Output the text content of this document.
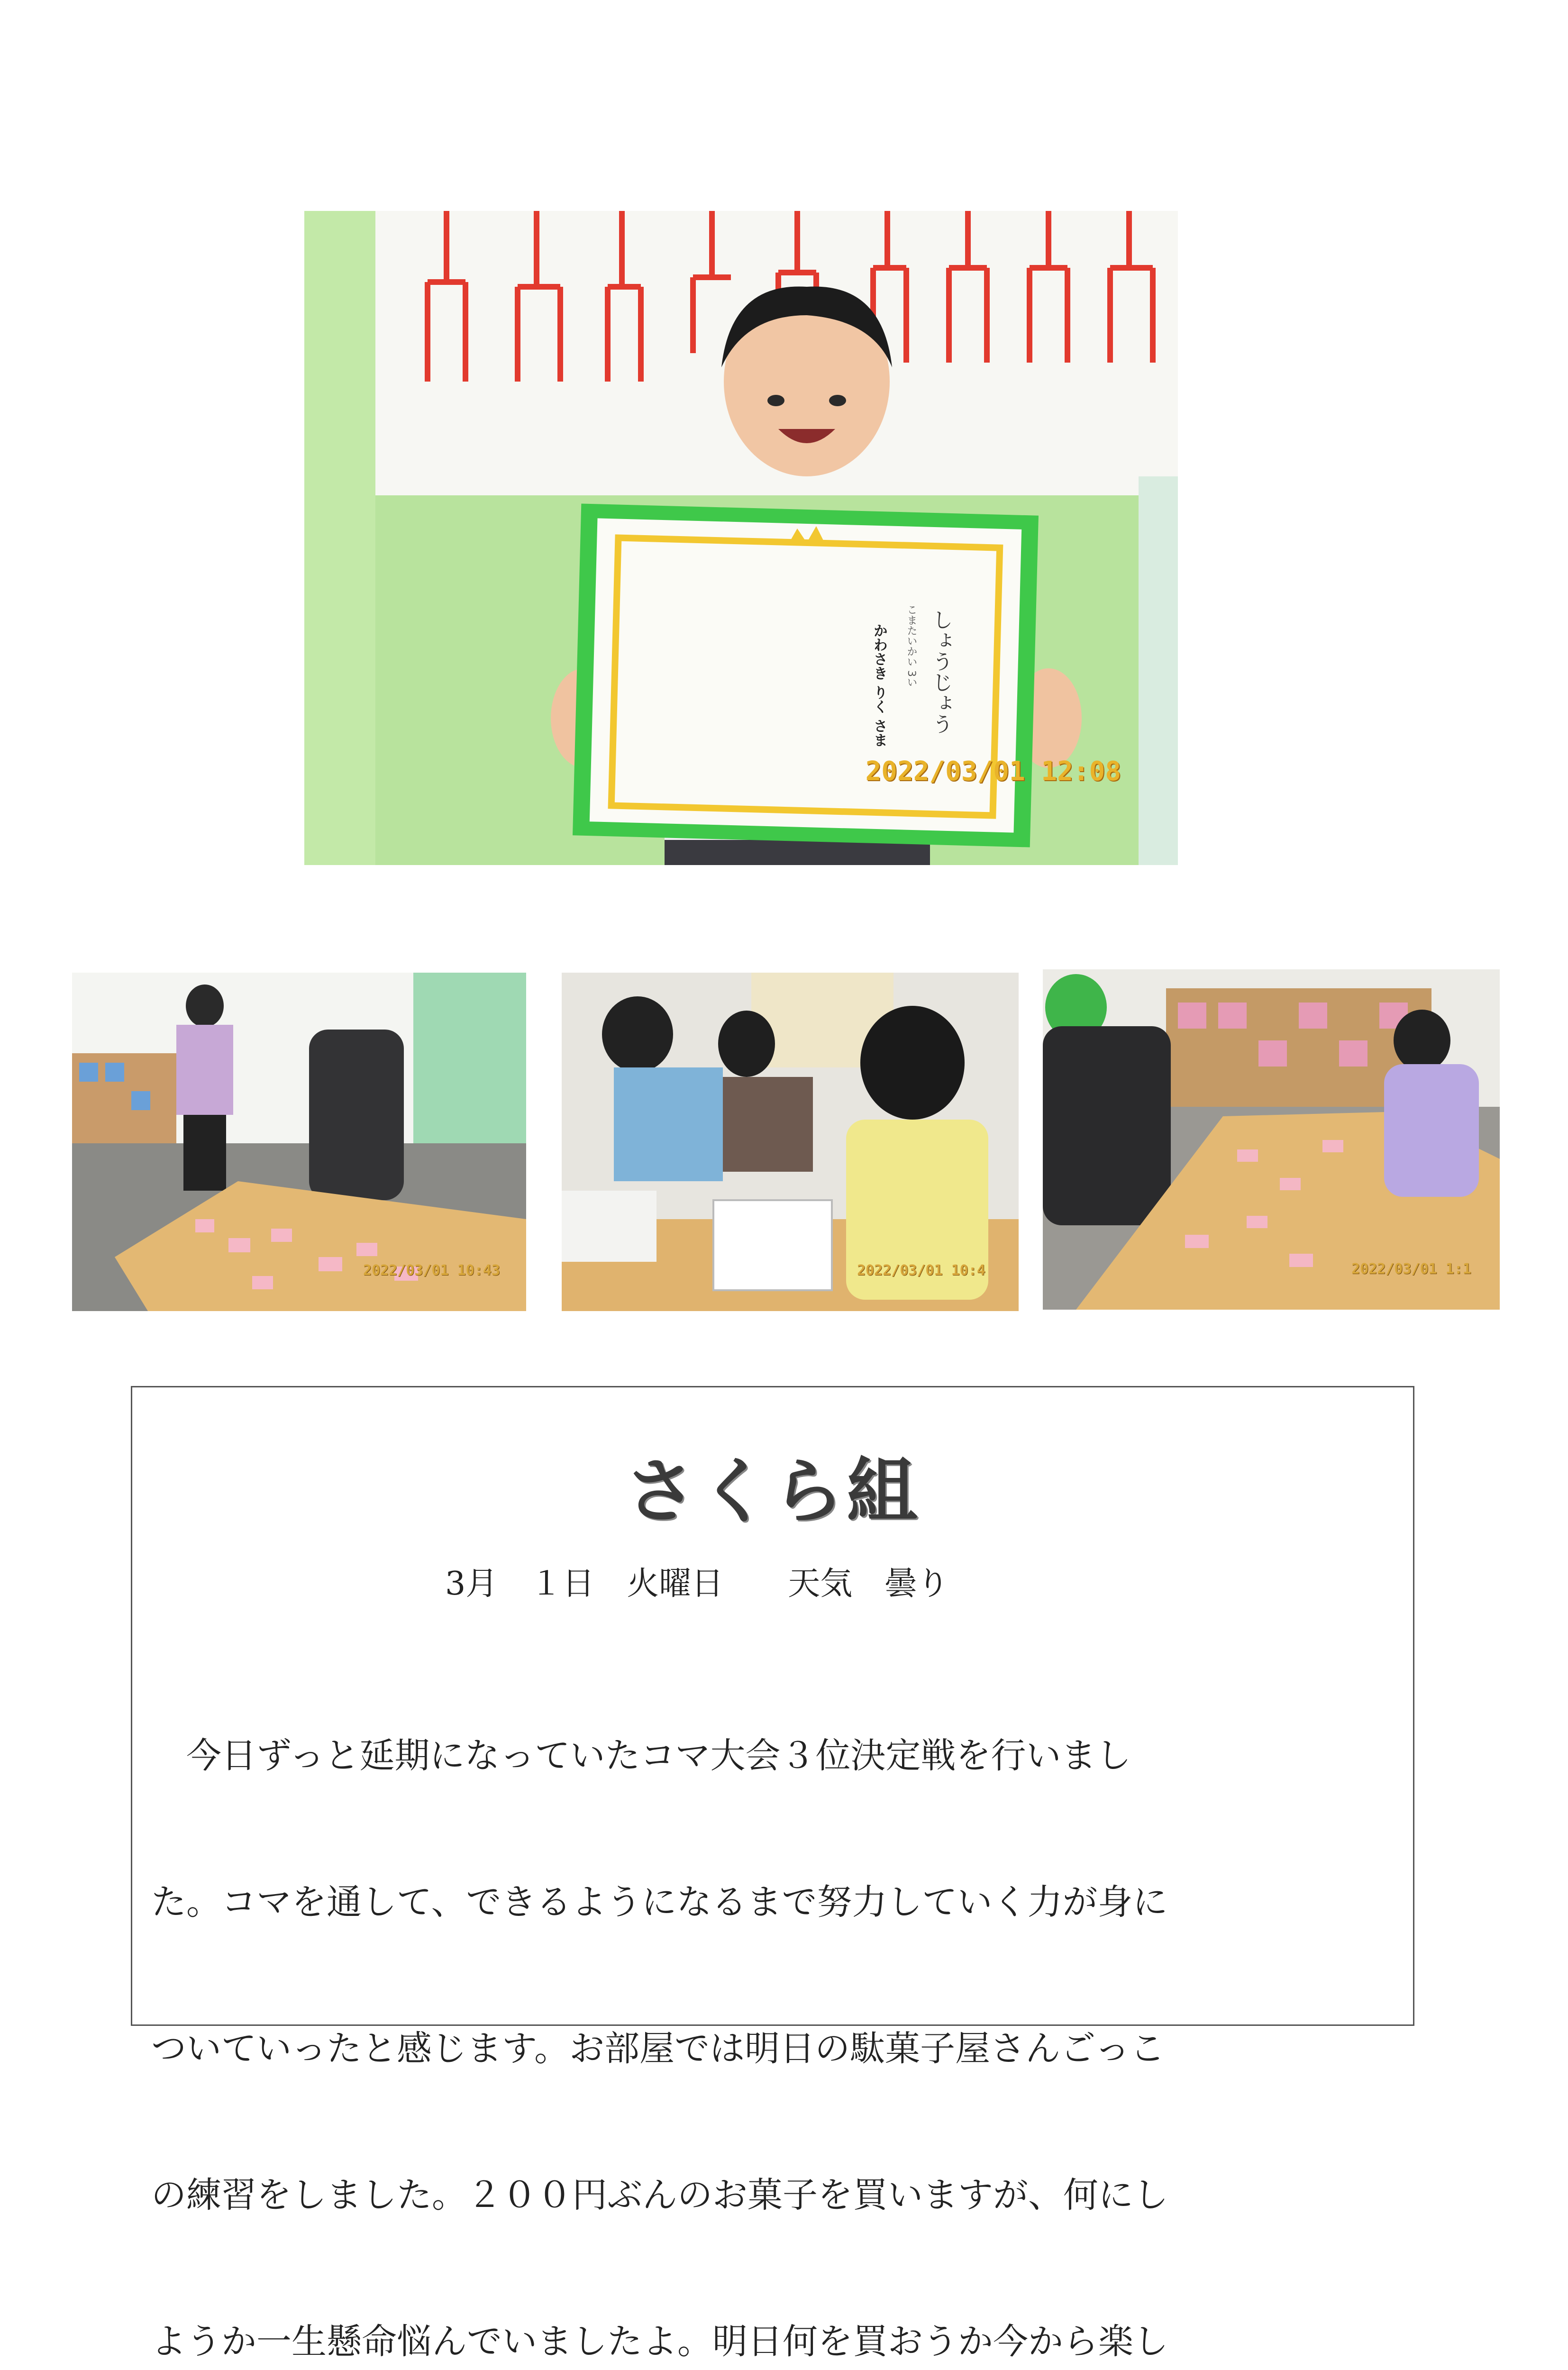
2022/03/01 12:08
しょうじょう
こまたいかい 3い
かわさき りく さま
2022/03/01 10:43	2022/03/01 10:4	2022/03/01 1:1
さくら組
3月　１日　火曜日　　天気　曇り

　今日ずっと延期になっていたコマ大会３位決定戦を行いまし

た。コマを通して、できるようになるまで努力していく力が身に

ついていったと感じます。お部屋では明日の駄菓子屋さんごっこ

の練習をしました。２００円ぶんのお菓子を買いますが、何にし

ようか一生懸命悩んでいましたよ。明日何を買おうか今から楽し
